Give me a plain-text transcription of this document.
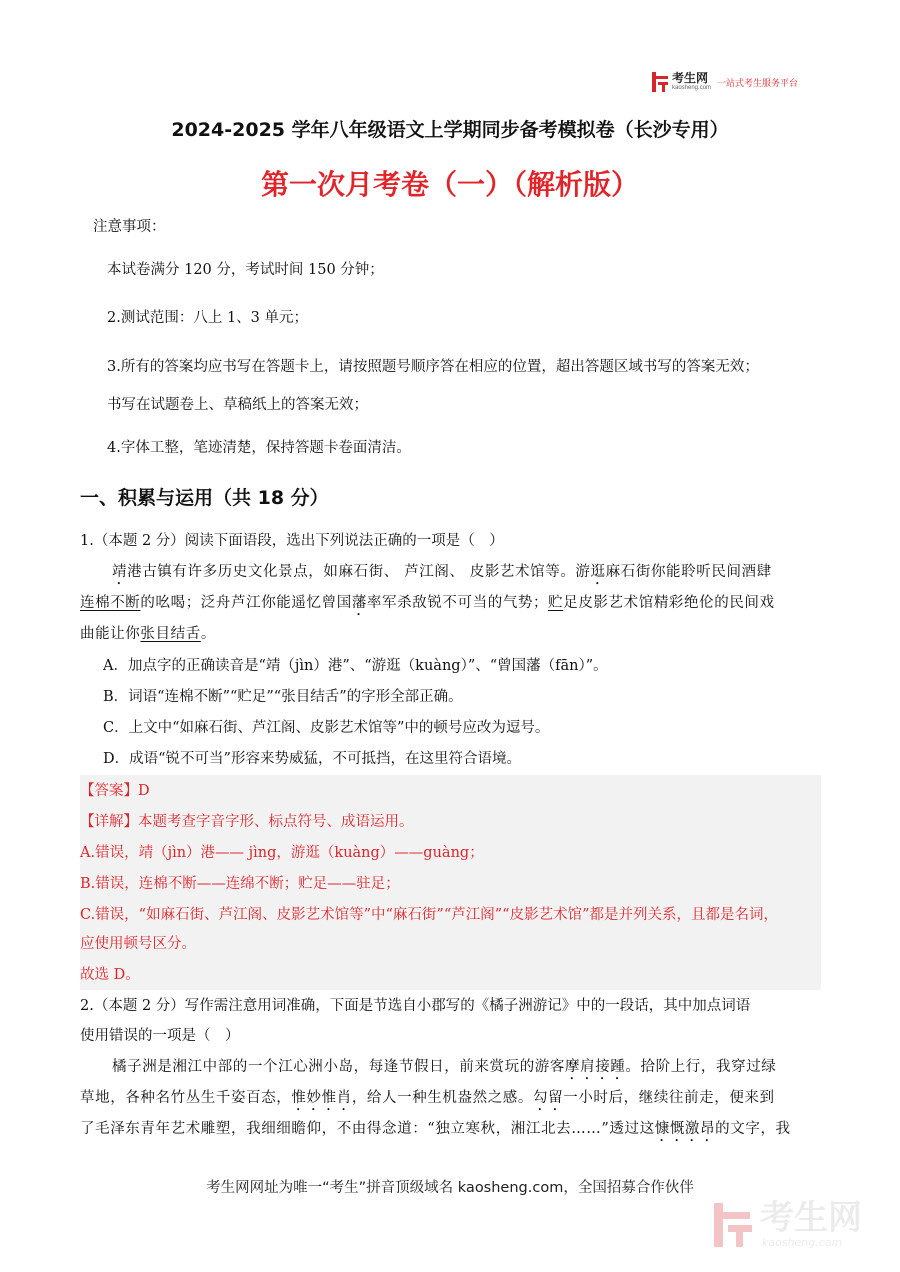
考生网
kaosheng.com 一站式考生服务平台
2024-2025 学年八年级语文上学期同步备考模拟卷（长沙专用）
第一次月考卷（一）（解析版）
注意事项：
本试卷满分 120 分，考试时间 150 分钟；
2.测试范围：八上 1、3 单元；
3.所有的答案均应书写在答题卡上，请按照题号顺序答在相应的位置，超出答题区域书写的答案无效；
书写在试题卷上、草稿纸上的答案无效；
4.字体工整，笔迹清楚，保持答题卡卷面清洁。
一、积累与运用（共 18 分）
1.（本题 2 分）阅读下面语段，选出下列说法正确的一项是（　）
靖港古镇有许多历史文化景点，如麻石街、 芦江阁、 皮影艺术馆等。游逛麻石街你能聆听民间酒肆
连棉不断的吆喝；泛舟芦江你能遥忆曾国藩率军杀敌锐不可当的气势；贮足皮影艺术馆精彩绝伦的民间戏
曲能让你张目结舌。
A．加点字的正确读音是“靖（jìn）港”、“游逛（kuàng）”、“曾国藩（fān）”。
B．词语“连棉不断”“贮足”“张目结舌”的字形全部正确。
C．上文中“如麻石街、芦江阁、皮影艺术馆等”中的顿号应改为逗号。
D．成语“锐不可当”形容来势威猛，不可抵挡，在这里符合语境。
【答案】D
【详解】本题考查字音字形、标点符号、成语运用。
A.错误，靖（jìn）港—— jìng，游逛（kuàng）——guàng；
B.错误，连棉不断——连绵不断；贮足——驻足；
C.错误，“如麻石街、芦江阁、皮影艺术馆等”中“麻石街”“芦江阁”“皮影艺术馆”都是并列关系，且都是名词，
应使用顿号区分。
故选 D。
2.（本题 2 分）写作需注意用词准确，下面是节选自小郡写的《橘子洲游记》中的一段话，其中加点词语
使用错误的一项是（　）
橘子洲是湘江中部的一个江心洲小岛，每逢节假日，前来赏玩的游客摩肩接踵。拾阶上行，我穿过绿
草地，各种名竹丛生千姿百态，惟妙惟肖，给人一种生机盎然之感。勾留一小时后，继续往前走，便来到
了毛泽东青年艺术雕塑，我细细瞻仰，不由得念道：“独立寒秋，湘江北去……”透过这慷慨激昂的文字，我
考生网网址为唯一“考生”拼音顶级域名 kaosheng.com，全国招募合作伙伴
考生网
kaosheng.com
